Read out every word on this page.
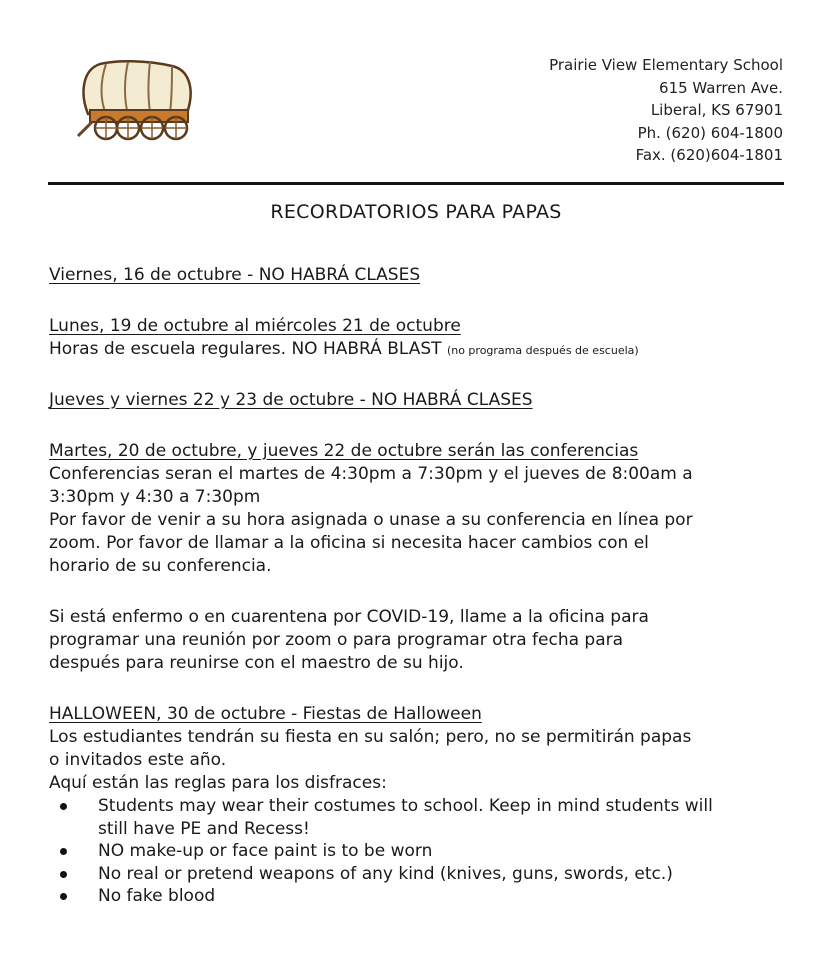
Prairie View Elementary School
615 Warren Ave.
Liberal, KS 67901
Ph. (620) 604-1800
Fax. (620)604-1801
RECORDATORIOS PARA PAPAS
Viernes, 16 de octubre - NO HABRÁ CLASES
Lunes, 19 de octubre al miércoles 21 de octubre
Horas de escuela regulares. NO HABRÁ BLAST (no programa después de escuela)
Jueves y viernes 22 y 23 de octubre - NO HABRÁ CLASES
Martes, 20 de octubre, y jueves 22 de octubre serán las conferencias
Conferencias seran el martes de 4:30pm a 7:30pm y el jueves de 8:00am a
3:30pm y 4:30 a 7:30pm
Por favor de venir a su hora asignada o unase a su conferencia en línea por
zoom. Por favor de llamar a la oficina si necesita hacer cambios con el
horario de su conferencia.
Si está enfermo o en cuarentena por COVID-19, llame a la oficina para
programar una reunión por zoom o para programar otra fecha para
después para reunirse con el maestro de su hijo.
HALLOWEEN, 30 de octubre - Fiestas de Halloween
Los estudiantes tendrán su fiesta en su salón; pero, no se permitirán papas
o invitados este año.
Aquí están las reglas para los disfraces:
Students may wear their costumes to school. Keep in mind students will
still have PE and Recess!
NO make-up or face paint is to be worn
No real or pretend weapons of any kind (knives, guns, swords, etc.)
No fake blood
